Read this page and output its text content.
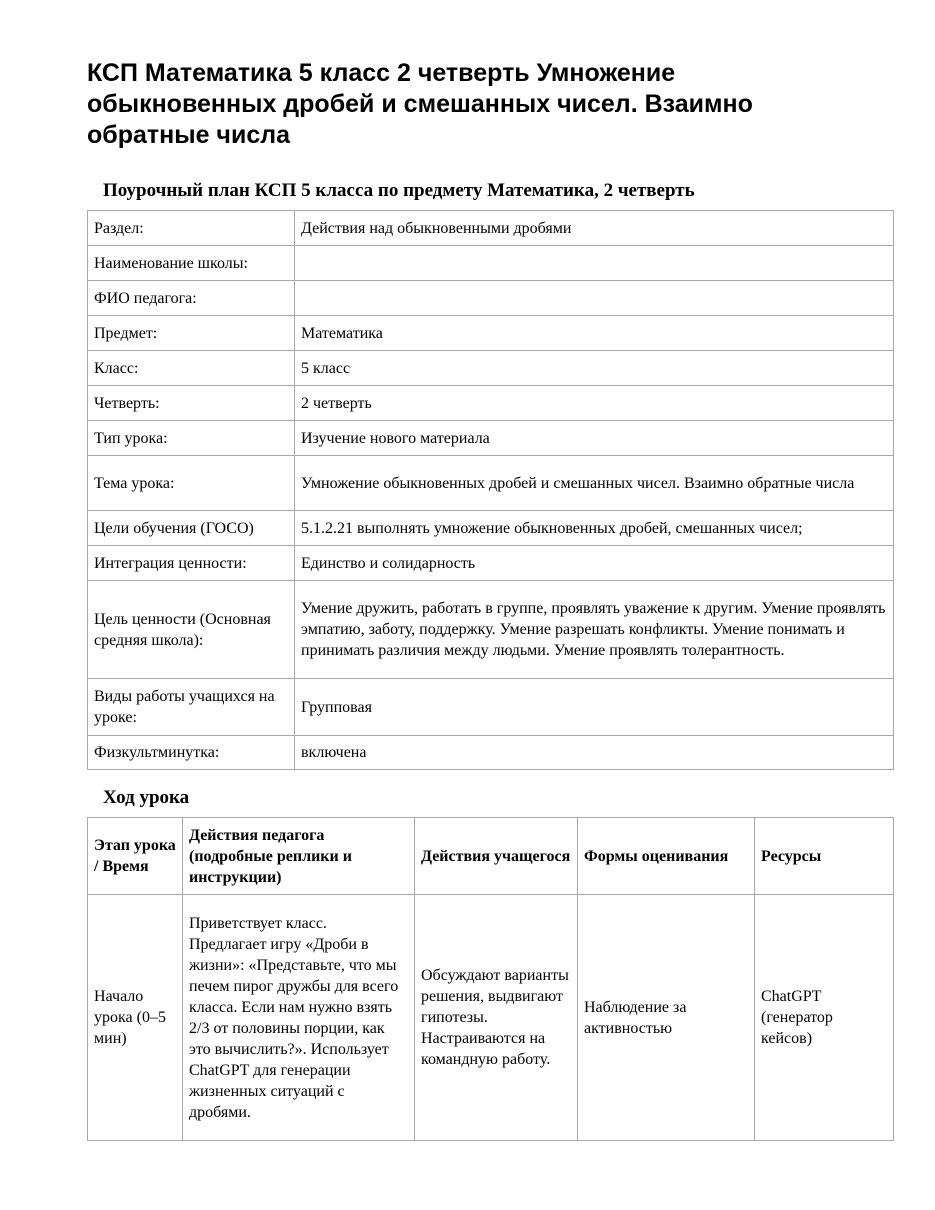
КСП Математика 5 класс 2 четверть Умножение обыкновенных дробей и смешанных чисел. Взаимно обратные числа
Поурочный план КСП 5 класса по предмету Математика, 2 четверть
Раздел:	Действия над обыкновенными дробями
Наименование школы:	
ФИО педагога:	
Предмет:	Математика
Класс:	5 класс
Четверть:	2 четверть
Тип урока:	Изучение нового материала
Тема урока:	Умножение обыкновенных дробей и смешанных чисел. Взаимно обратные числа
Цели обучения (ГОСО)	5.1.2.21 выполнять умножение обыкновенных дробей, смешанных чисел;
Интеграция ценности:	Единство и солидарность
Цель ценности (Основная средняя школа):	Умение дружить, работать в группе, проявлять уважение к другим. Умение проявлять эмпатию, заботу, поддержку. Умение разрешать конфликты. Умение понимать и принимать различия между людьми. Умение проявлять толерантность.
Виды работы учащихся на уроке:	Групповая
Физкультминутка:	включена
Ход урока
Этап урока / Время	Действия педагога (подробные реплики и инструкции)	Действия учащегося	Формы оценивания	Ресурсы
Начало урока (0–5 мин)	Приветствует класс. Предлагает игру «Дроби в жизни»: «Представьте, что мы печем пирог дружбы для всего класса. Если нам нужно взять 2/3 от половины порции, как это вычислить?». Использует ChatGPT для генерации жизненных ситуаций с дробями.	Обсуждают варианты решения, выдвигают гипотезы. Настраиваются на командную работу.	Наблюдение за активностью	ChatGPT (генератор кейсов)
